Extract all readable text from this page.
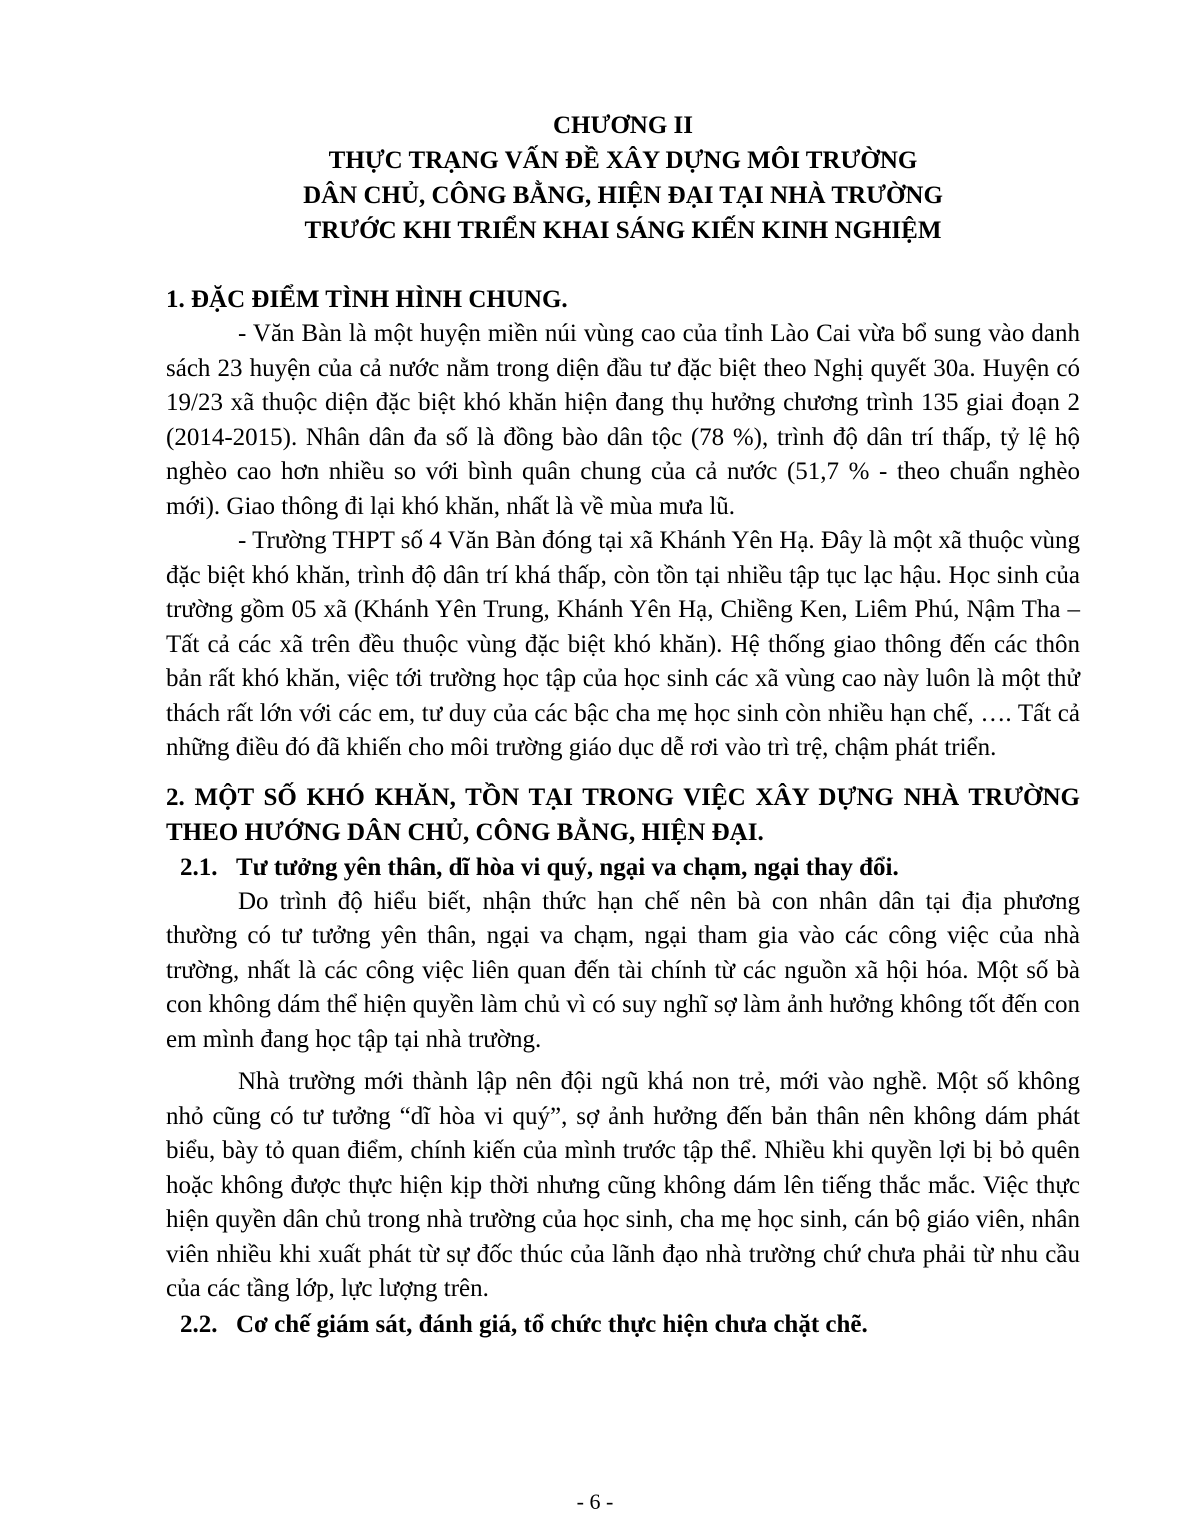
CHƯƠNG II
THỰC TRẠNG VẤN ĐỀ XÂY DỰNG MÔI TRƯỜNG
DÂN CHỦ, CÔNG BẰNG, HIỆN ĐẠI TẠI NHÀ TRƯỜNG
TRƯỚC KHI TRIỂN KHAI SÁNG KIẾN KINH NGHIỆM
1. ĐẶC ĐIỂM TÌNH HÌNH CHUNG.

- Văn Bàn là một huyện miền núi vùng cao của tỉnh Lào Cai vừa bổ sung vào danh sách 23 huyện của cả nước nằm trong diện đầu tư đặc biệt theo Nghị quyết 30a. Huyện có 19/23 xã thuộc diện đặc biệt khó khăn hiện đang thụ hưởng chương trình 135 giai đoạn 2 (2014-2015). Nhân dân đa số là đồng bào dân tộc (78 %), trình độ dân trí thấp, tỷ lệ hộ nghèo cao hơn nhiều so với bình quân chung của cả nước (51,7 % - theo chuẩn nghèo mới). Giao thông đi lại khó khăn, nhất là về mùa mưa lũ.

- Trường THPT số 4 Văn Bàn đóng tại xã Khánh Yên Hạ. Đây là một xã thuộc vùng đặc biệt khó khăn, trình độ dân trí khá thấp, còn tồn tại nhiều tập tục lạc hậu. Học sinh của trường gồm 05 xã (Khánh Yên Trung, Khánh Yên Hạ, Chiềng Ken, Liêm Phú, Nậm Tha – Tất cả các xã trên đều thuộc vùng đặc biệt khó khăn). Hệ thống giao thông đến các thôn bản rất khó khăn, việc tới trường học tập của học sinh các xã vùng cao này luôn là một thử thách rất lớn với các em, tư duy của các bậc cha mẹ học sinh còn nhiều hạn chế, …. Tất cả những điều đó đã khiến cho môi trường giáo dục dễ rơi vào trì trệ, chậm phát triển.

2. MỘT SỐ KHÓ KHĂN, TỒN TẠI TRONG VIỆC XÂY DỰNG NHÀ TRƯỜNG THEO HƯỚNG DÂN CHỦ, CÔNG BẰNG, HIỆN ĐẠI.
2.1. Tư tưởng yên thân, dĩ hòa vi quý, ngại va chạm, ngại thay đổi.

Do trình độ hiểu biết, nhận thức hạn chế nên bà con nhân dân tại địa phương thường có tư tưởng yên thân, ngại va chạm, ngại tham gia vào các công việc của nhà trường, nhất là các công việc liên quan đến tài chính từ các nguồn xã hội hóa. Một số bà con không dám thể hiện quyền làm chủ vì có suy nghĩ sợ làm ảnh hưởng không tốt đến con em mình đang học tập tại nhà trường.

Nhà trường mới thành lập nên đội ngũ khá non trẻ, mới vào nghề. Một số không nhỏ cũng có tư tưởng “dĩ hòa vi quý”, sợ ảnh hưởng đến bản thân nên không dám phát biểu, bày tỏ quan điểm, chính kiến của mình trước tập thể. Nhiều khi quyền lợi bị bỏ quên hoặc không được thực hiện kịp thời nhưng cũng không dám lên tiếng thắc mắc. Việc thực hiện quyền dân chủ trong nhà trường của học sinh, cha mẹ học sinh, cán bộ giáo viên, nhân viên nhiều khi xuất phát từ sự đốc thúc của lãnh đạo nhà trường chứ chưa phải từ nhu cầu của các tầng lớp, lực lượng trên.

2.2. Cơ chế giám sát, đánh giá, tổ chức thực hiện chưa chặt chẽ.
- 6 -
